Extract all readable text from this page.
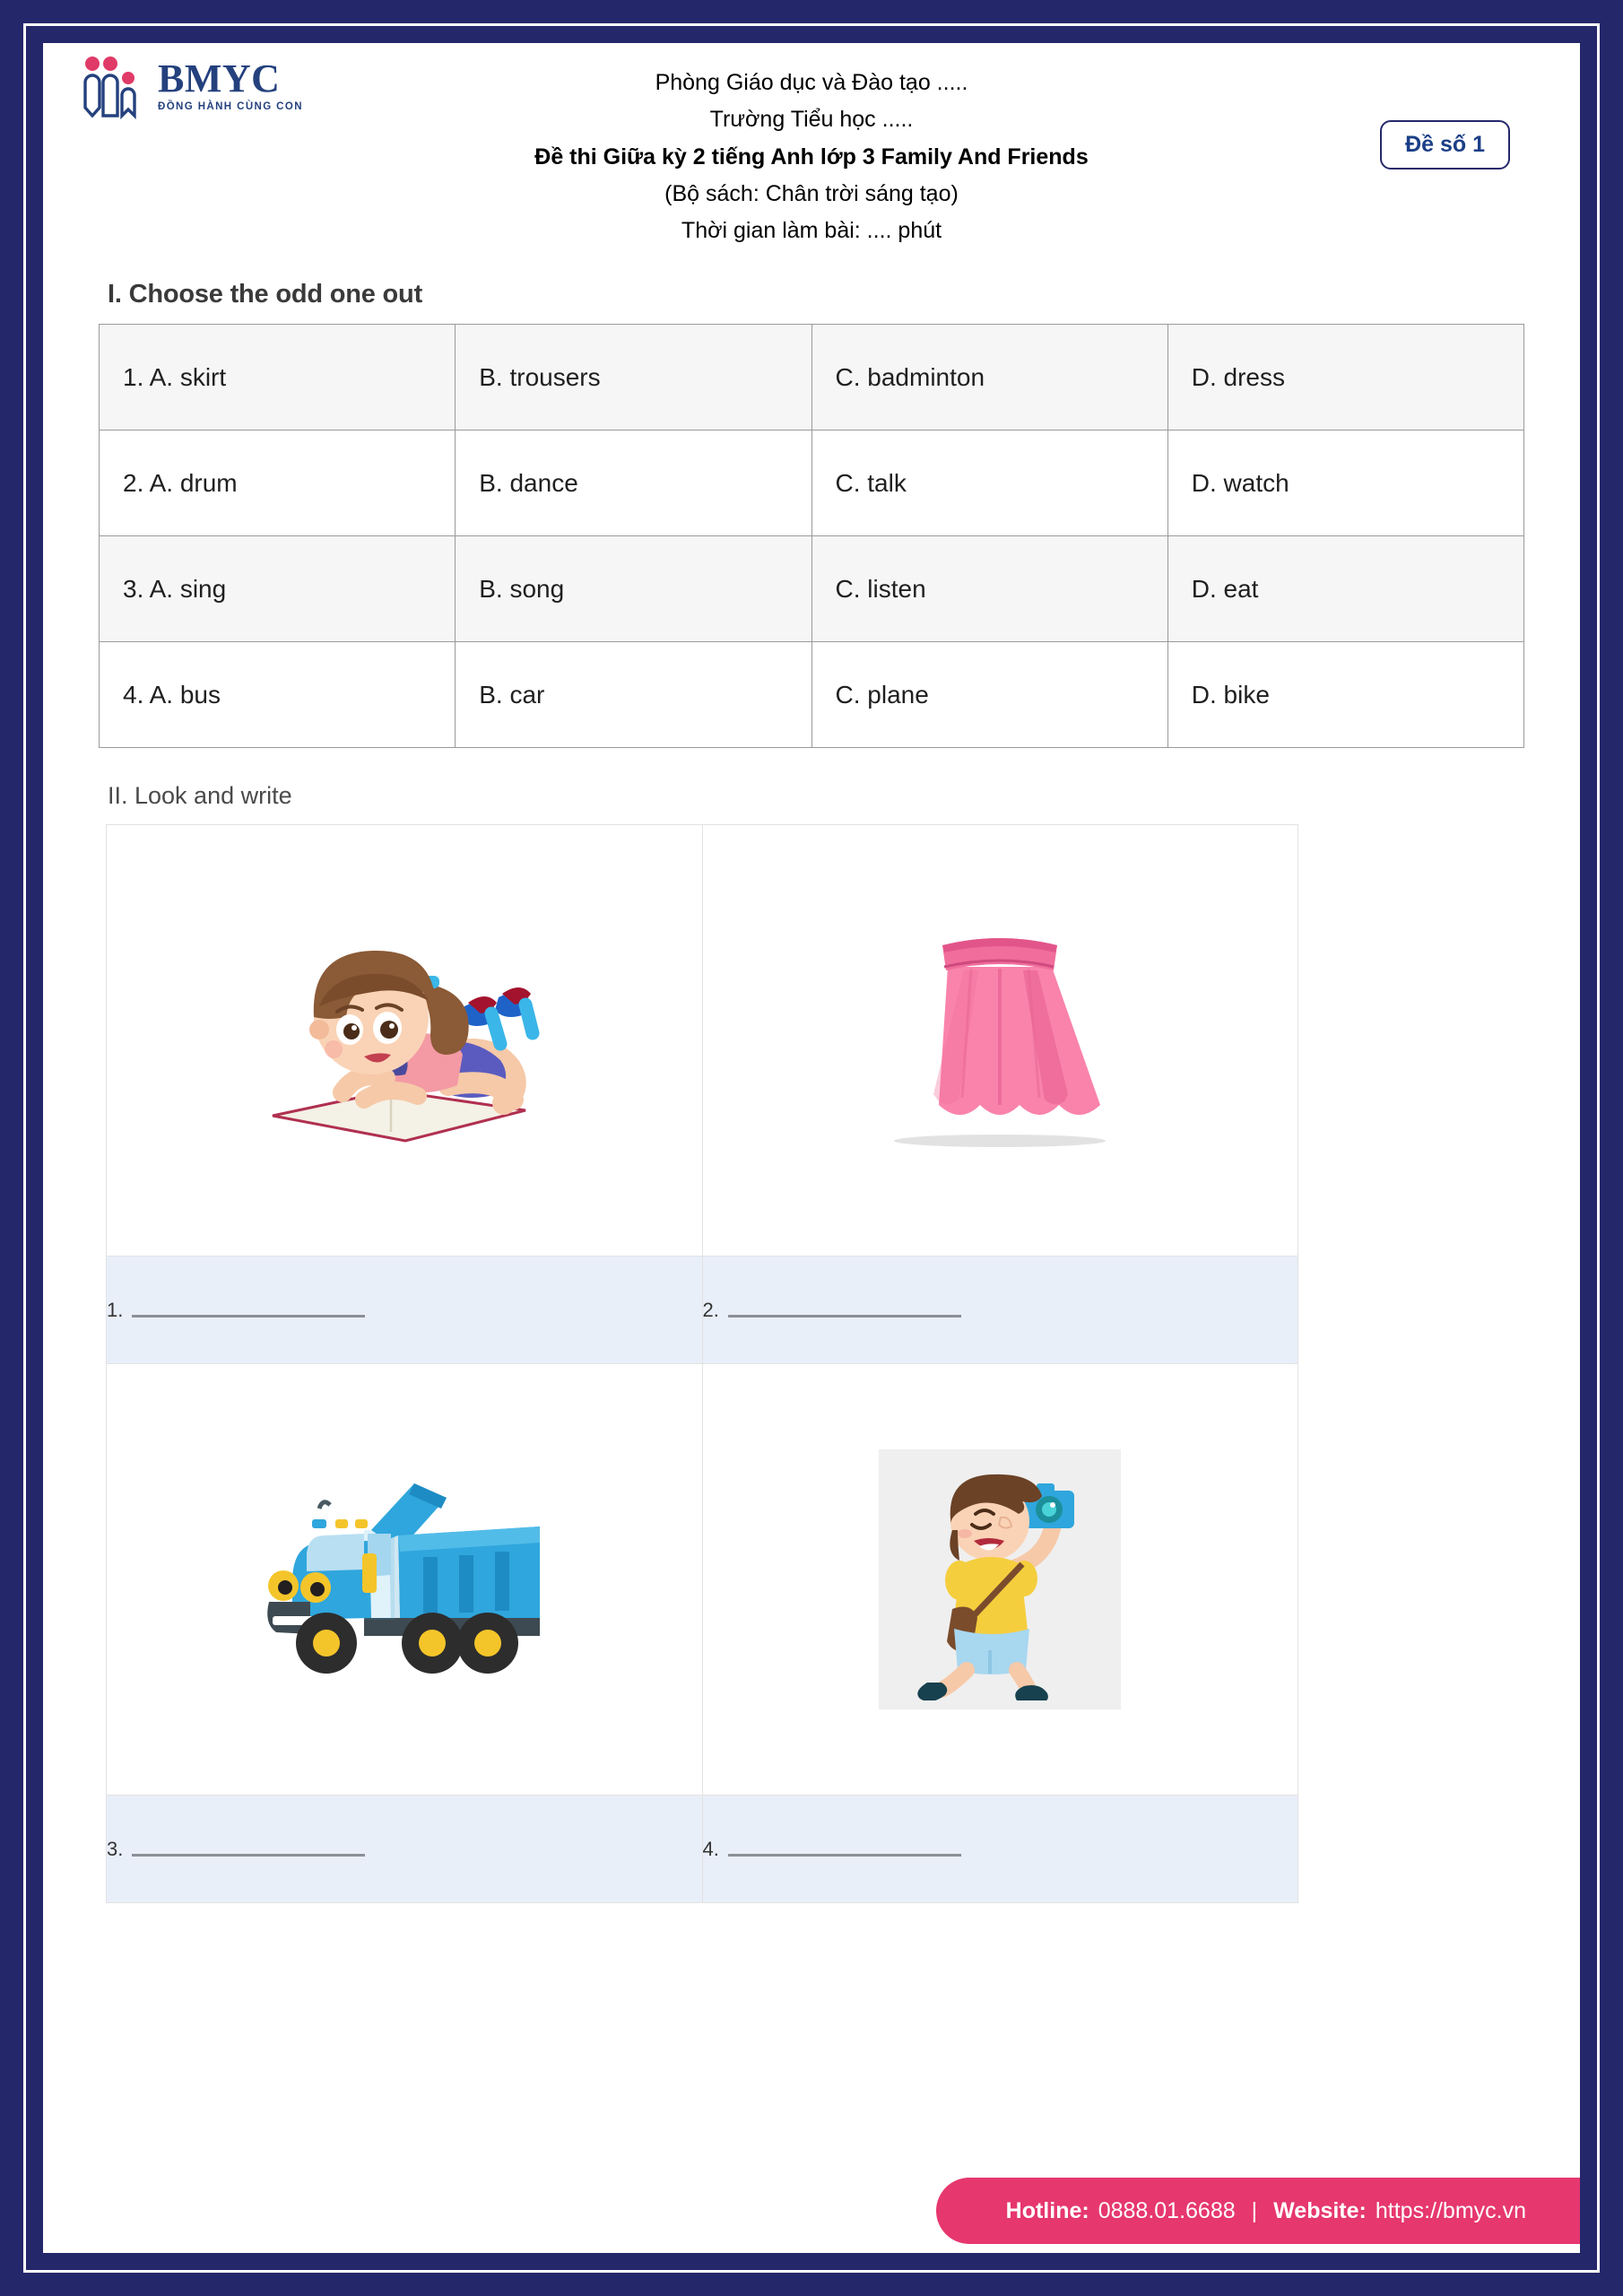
BMYC
ĐỒNG HÀNH CÙNG CON
Phòng Giáo dục và Đào tạo .....
Trường Tiểu học .....
Đề thi Giữa kỳ 2 tiếng Anh lớp 3 Family And Friends
(Bộ sách: Chân trời sáng tạo)
Thời gian làm bài: .... phút
Đề số 1
I. Choose the odd one out
1. A. skirt	B. trousers	C. badminton	D. dress
2. A. drum	B. dance	C. talk	D. watch
3. A. sing	B. song	C. listen	D. eat
4. A. bus	B. car	C. plane	D. bike
II. Look and write

1.	2.

3.	4.
Hotline: 0888.01.6688 | Website: https://bmyc.vn
